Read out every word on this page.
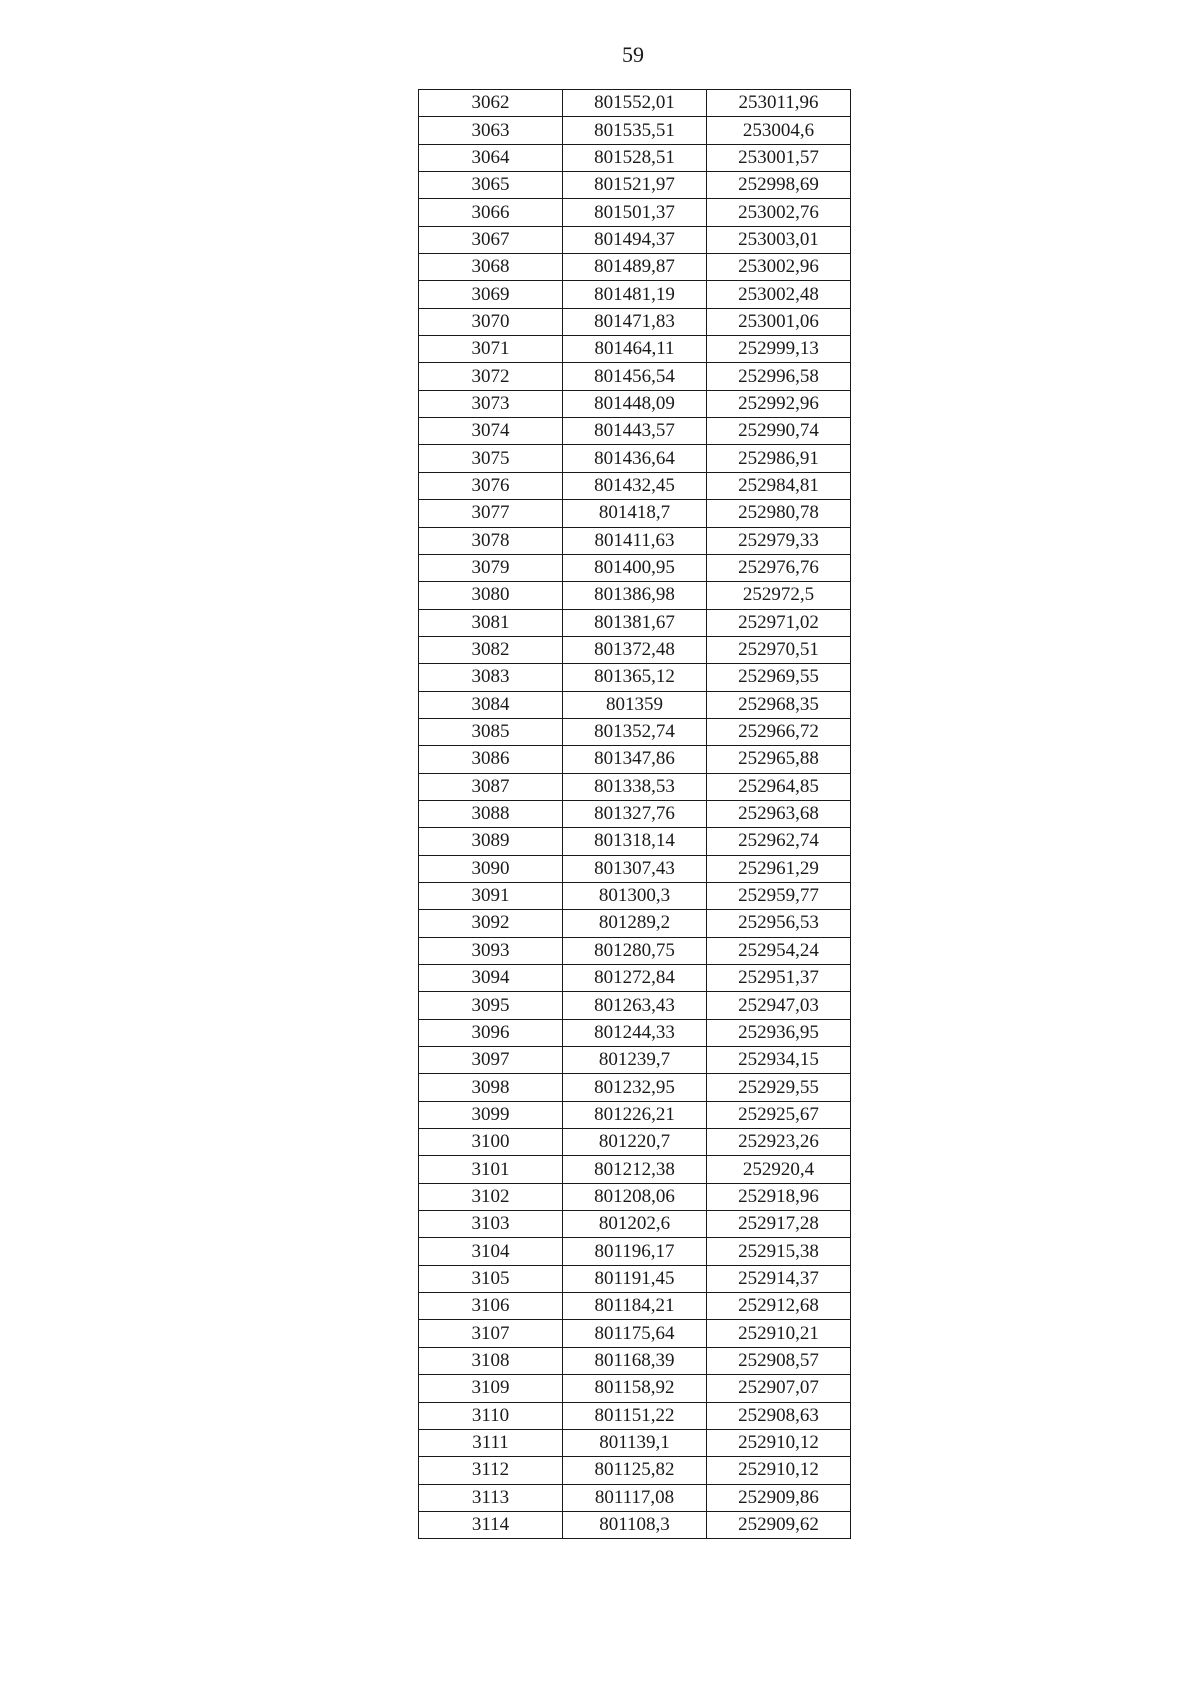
59
3062	801552,01	253011,96
3063	801535,51	253004,6
3064	801528,51	253001,57
3065	801521,97	252998,69
3066	801501,37	253002,76
3067	801494,37	253003,01
3068	801489,87	253002,96
3069	801481,19	253002,48
3070	801471,83	253001,06
3071	801464,11	252999,13
3072	801456,54	252996,58
3073	801448,09	252992,96
3074	801443,57	252990,74
3075	801436,64	252986,91
3076	801432,45	252984,81
3077	801418,7	252980,78
3078	801411,63	252979,33
3079	801400,95	252976,76
3080	801386,98	252972,5
3081	801381,67	252971,02
3082	801372,48	252970,51
3083	801365,12	252969,55
3084	801359	252968,35
3085	801352,74	252966,72
3086	801347,86	252965,88
3087	801338,53	252964,85
3088	801327,76	252963,68
3089	801318,14	252962,74
3090	801307,43	252961,29
3091	801300,3	252959,77
3092	801289,2	252956,53
3093	801280,75	252954,24
3094	801272,84	252951,37
3095	801263,43	252947,03
3096	801244,33	252936,95
3097	801239,7	252934,15
3098	801232,95	252929,55
3099	801226,21	252925,67
3100	801220,7	252923,26
3101	801212,38	252920,4
3102	801208,06	252918,96
3103	801202,6	252917,28
3104	801196,17	252915,38
3105	801191,45	252914,37
3106	801184,21	252912,68
3107	801175,64	252910,21
3108	801168,39	252908,57
3109	801158,92	252907,07
3110	801151,22	252908,63
3111	801139,1	252910,12
3112	801125,82	252910,12
3113	801117,08	252909,86
3114	801108,3	252909,62
